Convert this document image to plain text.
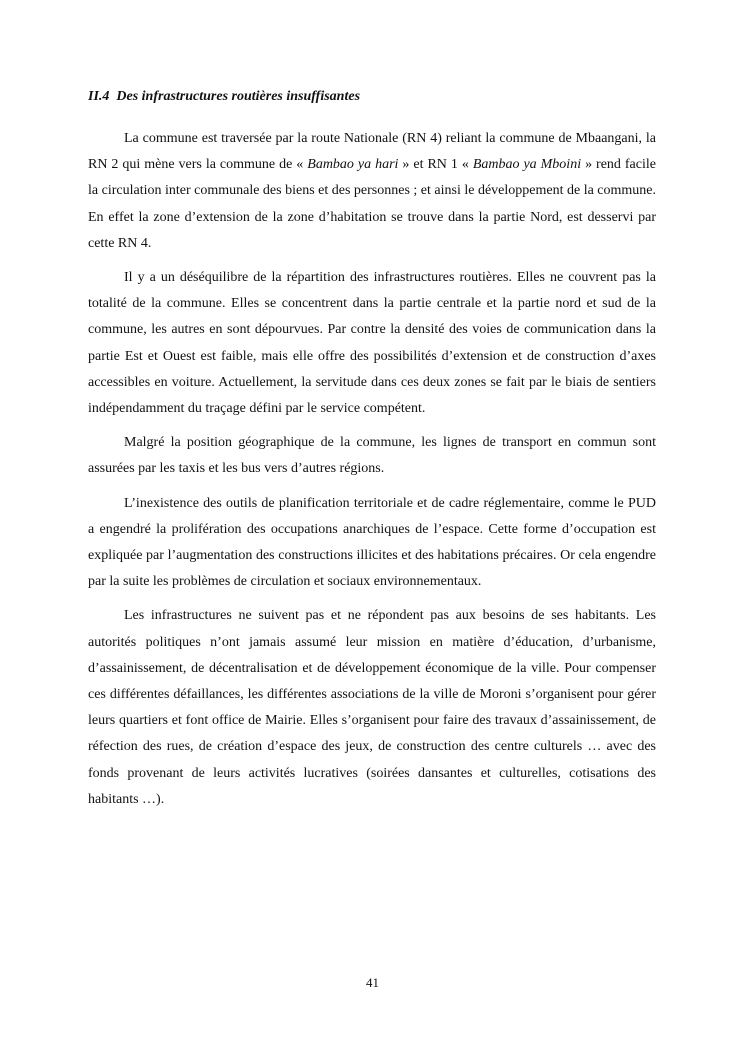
II.4  Des infrastructures routières insuffisantes

La commune est traversée par la route Nationale (RN 4) reliant la commune de Mbaangani, la RN 2 qui mène vers la commune de « Bambao ya hari » et RN 1 « Bambao ya Mboini » rend facile la circulation inter communale des biens et des personnes ; et ainsi le développement de la commune. En effet la zone d’extension de la zone d’habitation se trouve dans la partie Nord, est desservi par cette RN 4.

Il y a un déséquilibre de la répartition des infrastructures routières. Elles ne couvrent pas la totalité de la commune. Elles se concentrent dans la partie centrale et la partie nord et sud de la commune, les autres en sont dépourvues. Par contre la densité des voies de communication dans la partie Est et Ouest est faible, mais elle offre des possibilités d’extension et de construction d’axes accessibles en voiture. Actuellement, la servitude dans ces deux zones se fait par le biais de sentiers indépendamment du traçage défini par le service compétent.

Malgré la position géographique de la commune, les lignes de transport en commun sont assurées par les taxis et les bus vers d’autres régions.

L’inexistence des outils de planification territoriale et de cadre réglementaire, comme le PUD a engendré la prolifération des occupations anarchiques de l’espace. Cette forme d’occupation est expliquée par l’augmentation des constructions illicites et des habitations précaires. Or cela engendre par la suite les problèmes de circulation et sociaux environnementaux.

Les infrastructures ne suivent pas et ne répondent pas aux besoins de ses habitants. Les autorités politiques n’ont jamais assumé leur mission en matière d’éducation, d’urbanisme, d’assainissement, de décentralisation et de développement économique de la ville. Pour compenser ces différentes défaillances, les différentes associations de la ville de Moroni s’organisent pour gérer leurs quartiers et font office de Mairie. Elles s’organisent pour faire des travaux d’assainissement, de réfection des rues, de création d’espace des jeux, de construction des centre culturels … avec des fonds provenant de leurs activités lucratives (soirées dansantes et culturelles, cotisations des habitants …).

41
